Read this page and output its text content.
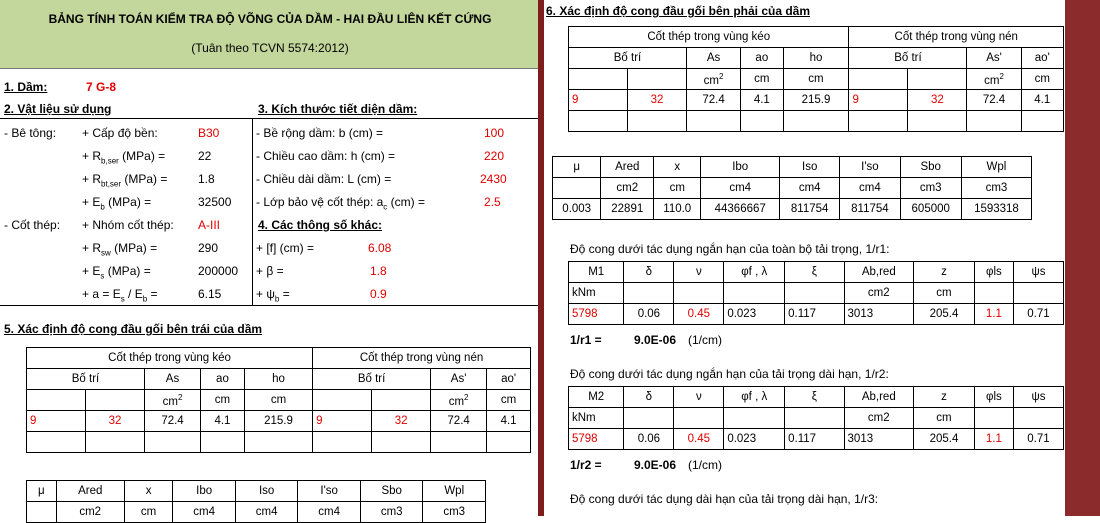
BẢNG TÍNH TOÁN KIỂM TRA ĐỘ VÕNG CỦA DẦM - HAI ĐẦU LIÊN KẾT CỨNG
(Tuân theo TCVN 5574:2012)
1. Dầm:	7 G-8
2. Vật liệu sử dụng	3. Kích thước tiết diện dầm:
- Bê tông: + Cấp độ bền:	B30	- Bề rộng dầm: b (cm) =	100
+ $R_{b,ser}$ (MPa) =	22	- Chiều cao dầm: h (cm) =	220
+ $R_{bt,ser}$ (MPa) =	1.8	- Chiều dài dầm: L (cm) =	2430
+ $E_b$ (MPa) =	32500 - Lớp bảo vệ cốt thép: $a_c$ (cm) =	2.5
- Cốt thép: + Nhóm cốt thép: A-III	4. Các thông số khác:
+ $R_{sw}$ (MPa) =	290	+ [f] (cm) =	6.08
+ $E_s$ (MPa) =	200000 + β =	1.8
+ $a = E_s / E_b$ =	6.15	+ $\psi_b$ =	0.9
5. Xác định độ cong đầu gối bên trái của dầm
Cốt thép trong vùng kéo					Cốt thép trong vùng nén			
Bố trí		As	ao	ho	Bố trí		As'	ao'
		$cm^2$	cm	cm			$cm^2$	cm
9	32	72.4	4.1	215.9	9	32	72.4	4.1

μ	Ared	x	Ibo	Iso	I'so	Sbo	Wpl
	cm2	cm	cm4	cm4	cm4	cm3	cm3
6. Xác định độ cong đầu gối bên phải của dầm
Cốt thép trong vùng kéo					Cốt thép trong vùng nén			
Bố trí		As	ao	ho	Bố trí		As'	ao'
		$cm^2$	cm	cm			$cm^2$	cm
9	32	72.4	4.1	215.9	9	32	72.4	4.1

μ	Ared	x	Ibo	Iso	I'so	Sbo	Wpl
	cm2	cm	cm4	cm4	cm4	cm3	cm3
0.003	22891	110.0	44366667	811754	811754	605000	1593318
Độ cong dưới tác dụng ngắn hạn của toàn bộ tải trọng, 1/r1:
M1	δ	ν	φf , λ	ξ	Ab,red	z	φls	ψs
kNm					cm2	cm		
5798	0.06	0.45	0.023	0.117	3013	205.4	1.1	0.71
1/r1 =	9.0E-06 (1/cm)
Độ cong dưới tác dụng ngắn hạn của tải trọng dài hạn, 1/r2:
M2	δ	ν	φf , λ	ξ	Ab,red	z	φls	ψs
kNm					cm2	cm		
5798	0.06	0.45	0.023	0.117	3013	205.4	1.1	0.71
1/r2 =	9.0E-06 (1/cm)
Độ cong dưới tác dụng dài hạn của tải trọng dài hạn, 1/r3:
